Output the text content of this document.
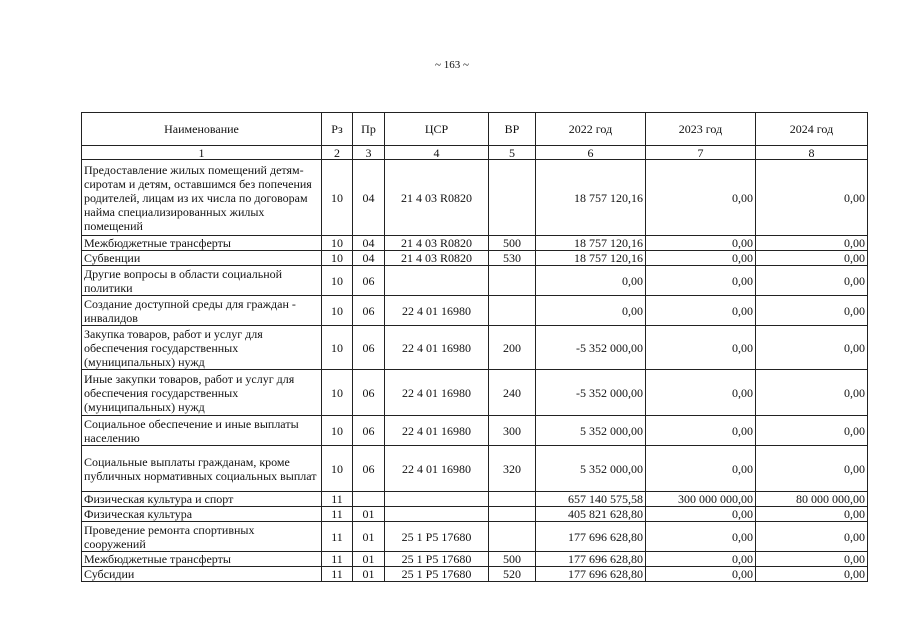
~ 163 ~
Наименование	Рз	Пр	ЦСР	ВР	2022 год	2023 год	2024 год
1	2	3	4	5	6	7	8
Предоставление жилых помещений детям-сиротам и детям, оставшимся без попечения родителей, лицам из их числа по договорам найма специализированных жилых помещений	10	04	21 4 03 R0820		18 757 120,16	0,00	0,00
Межбюджетные трансферты	10	04	21 4 03 R0820	500	18 757 120,16	0,00	0,00
Субвенции	10	04	21 4 03 R0820	530	18 757 120,16	0,00	0,00
Другие вопросы в области социальной политики	10	06			0,00	0,00	0,00
Создание доступной среды для граждан - инвалидов	10	06	22 4 01 16980		0,00	0,00	0,00
Закупка товаров, работ и услуг для обеспечения государственных (муниципальных) нужд	10	06	22 4 01 16980	200	-5 352 000,00	0,00	0,00
Иные закупки товаров, работ и услуг для обеспечения государственных (муниципальных) нужд	10	06	22 4 01 16980	240	-5 352 000,00	0,00	0,00
Социальное обеспечение и иные выплаты населению	10	06	22 4 01 16980	300	5 352 000,00	0,00	0,00
Социальные выплаты гражданам, кроме публичных нормативных социальных выплат	10	06	22 4 01 16980	320	5 352 000,00	0,00	0,00
Физическая культура и спорт	11				657 140 575,58	300 000 000,00	80 000 000,00
Физическая культура	11	01			405 821 628,80	0,00	0,00
Проведение ремонта спортивных сооружений	11	01	25 1 P5 17680		177 696 628,80	0,00	0,00
Межбюджетные трансферты	11	01	25 1 P5 17680	500	177 696 628,80	0,00	0,00
Субсидии	11	01	25 1 P5 17680	520	177 696 628,80	0,00	0,00
